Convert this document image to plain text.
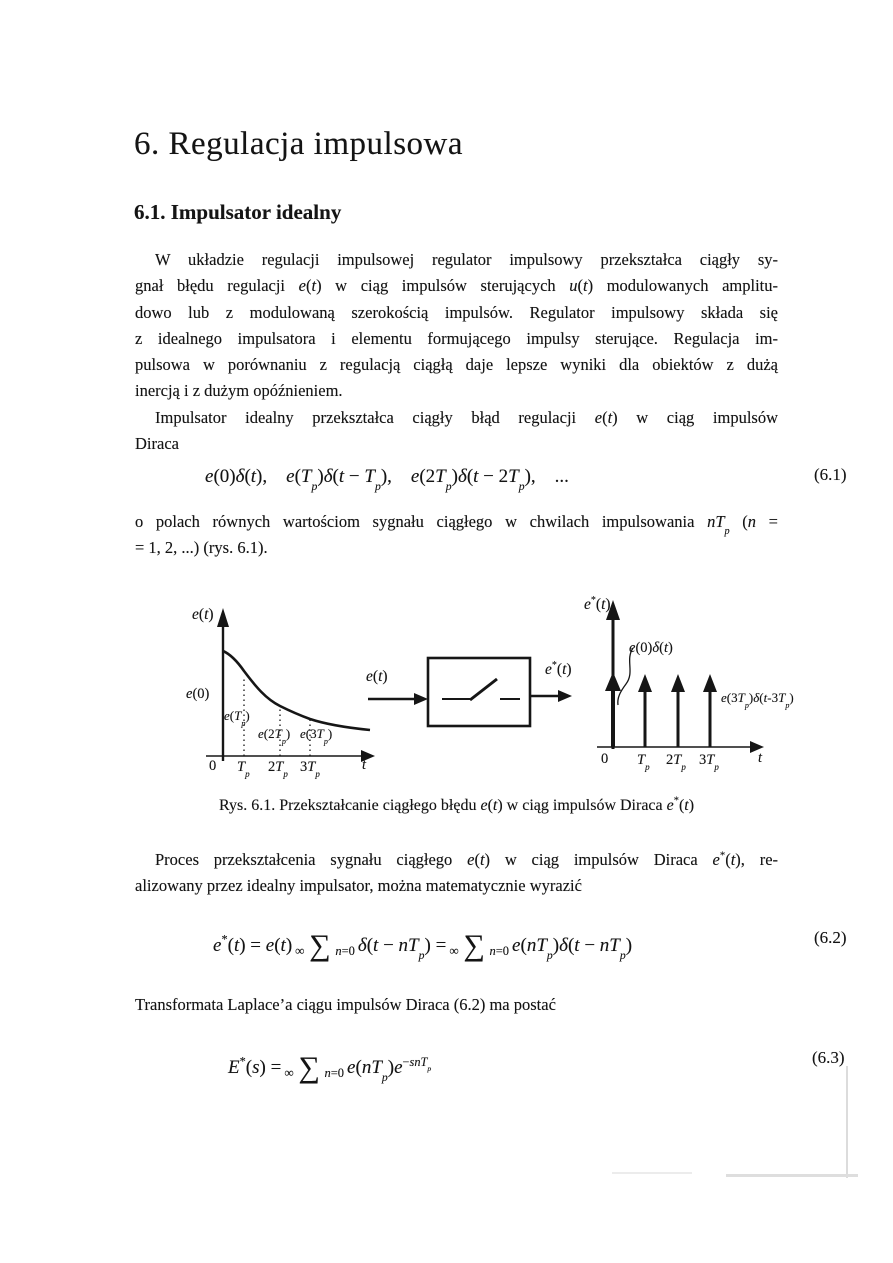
6. Regulacja impulsowa
6.1. Impulsator idealny
W układzie regulacji impulsowej regulator impulsowy przekształca ciągły sy-
gnał błędu regulacji e(t) w ciąg impulsów sterujących u(t) modulowanych amplitu-
dowo lub z modulowaną szerokością impulsów. Regulator impulsowy składa się
z idealnego impulsatora i elementu formującego impulsy sterujące. Regulacja im-
pulsowa w porównaniu z regulacją ciągłą daje lepsze wyniki dla obiektów z dużą
inercją i z dużym opóźnieniem.
Impulsator idealny przekształca ciągły błąd regulacji e(t) w ciąg impulsów
Diraca
e(0)δ(t),  $e(T_p)\delta(t - T_p)$,  $e(2T_p)\delta(t - 2T_p)$,  ...	(6.1)
o polach równych wartościom sygnału ciągłego w chwilach impulsowania $nT_p$ (n =
= 1, 2, ...) (rys. 6.1).
e(t)
e(0)
$e(T_p)$
$e(2T_p)$ $e(3T_p)$
0 $T_p$ $2T_p$ $3T_p$
t
e(t)	e*(t)
e*(t)
e(0)δ(t)
$e(3T_p)\delta(t-3T_p)$
0 $T_p$ $2T_p$ $3T_p$
t
Rys. 6.1. Przekształcanie ciągłego błędu e(t) w ciąg impulsów Diraca e*(t)
Proces przekształcenia sygnału ciągłego e(t) w ciąg impulsów Diraca e*(t), re-
alizowany przez idealny impulsator, można matematycznie wyrazić
e*(t) = e(t) ∞ ∑ n=0 $\delta(t - nT_p)$ = ∞ ∑ n=0 $e(nT_p)\delta(t - nT_p)$	(6.2)
Transformata Laplace’a ciągu impulsów Diraca (6.2) ma postać
E*(s) = ∞ ∑ n=0 $e(nT_p)e^{-snT_p}$
(6.3)
